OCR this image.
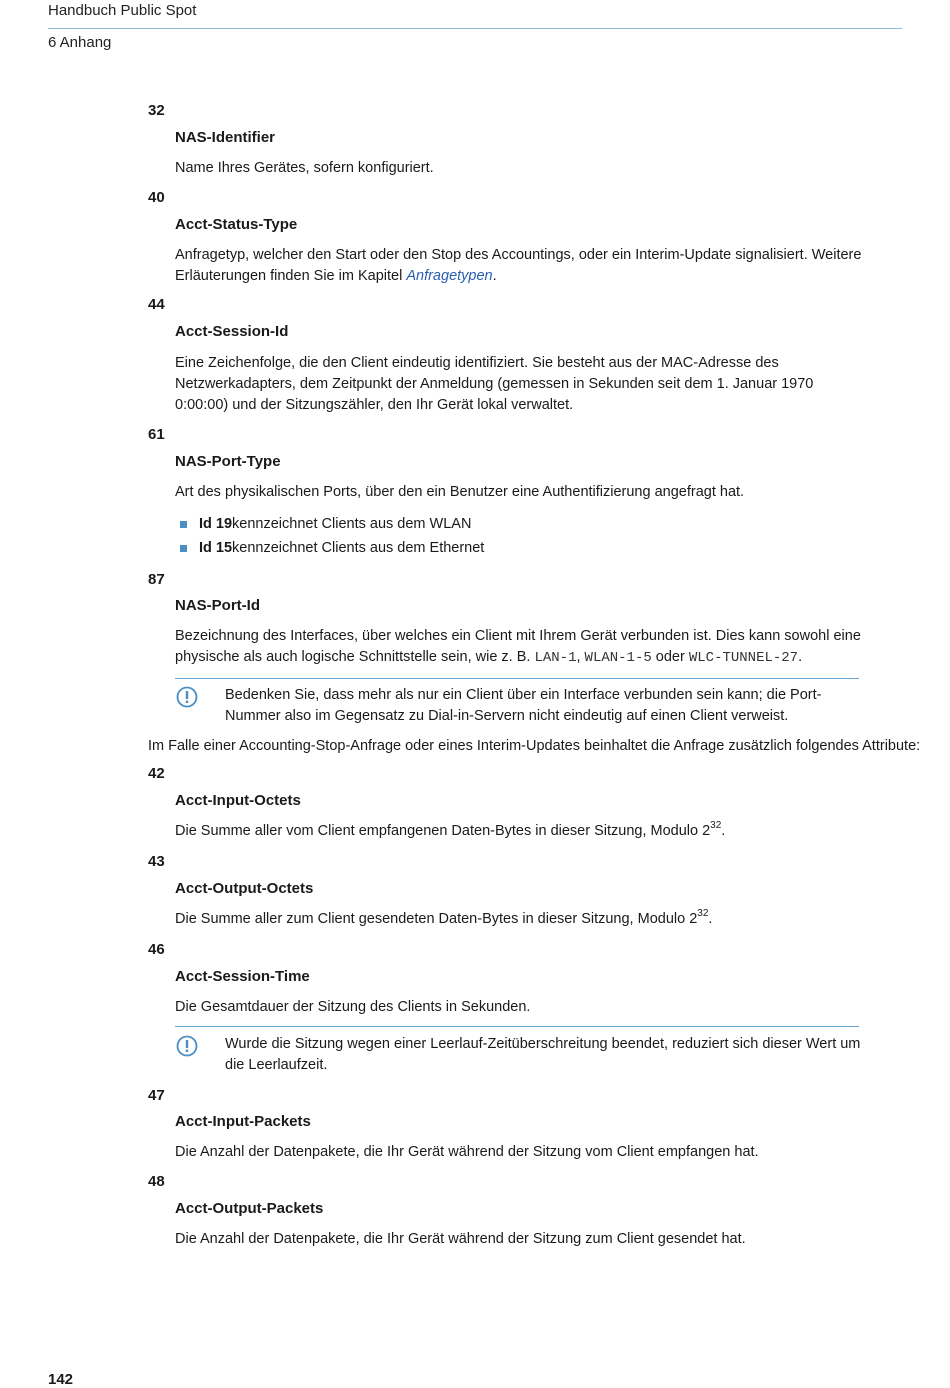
Handbuch Public Spot
6 Anhang
32
NAS-Identifier
Name Ihres Gerätes, sofern konfiguriert.
40
Acct-Status-Type
Anfragetyp, welcher den Start oder den Stop des Accountings, oder ein Interim-Update signalisiert. Weitere Erläuterungen finden Sie im Kapitel Anfragetypen.
44
Acct-Session-Id
Eine Zeichenfolge, die den Client eindeutig identifiziert. Sie besteht aus der MAC-Adresse des Netzwerkadapters, dem Zeitpunkt der Anmeldung (gemessen in Sekunden seit dem 1. Januar 1970 0:00:00) und der Sitzungszähler, den Ihr Gerät lokal verwaltet.
61
NAS-Port-Type
Art des physikalischen Ports, über den ein Benutzer eine Authentifizierung angefragt hat.
Id 19 kennzeichnet Clients aus dem WLAN
Id 15 kennzeichnet Clients aus dem Ethernet
87
NAS-Port-Id
Bezeichnung des Interfaces, über welches ein Client mit Ihrem Gerät verbunden ist. Dies kann sowohl eine physische als auch logische Schnittstelle sein, wie z. B. LAN-1, WLAN-1-5 oder WLC-TUNNEL-27.
Bedenken Sie, dass mehr als nur ein Client über ein Interface verbunden sein kann; die Port-Nummer also im Gegensatz zu Dial-in-Servern nicht eindeutig auf einen Client verweist.
Im Falle einer Accounting-Stop-Anfrage oder eines Interim-Updates beinhaltet die Anfrage zusätzlich folgendes Attribute:
42
Acct-Input-Octets
Die Summe aller vom Client empfangenen Daten-Bytes in dieser Sitzung, Modulo $2^{32}$.
43
Acct-Output-Octets
Die Summe aller zum Client gesendeten Daten-Bytes in dieser Sitzung, Modulo $2^{32}$.
46
Acct-Session-Time
Die Gesamtdauer der Sitzung des Clients in Sekunden.
Wurde die Sitzung wegen einer Leerlauf-Zeitüberschreitung beendet, reduziert sich dieser Wert um die Leerlaufzeit.
47
Acct-Input-Packets
Die Anzahl der Datenpakete, die Ihr Gerät während der Sitzung vom Client empfangen hat.
48
Acct-Output-Packets
Die Anzahl der Datenpakete, die Ihr Gerät während der Sitzung zum Client gesendet hat.
142
